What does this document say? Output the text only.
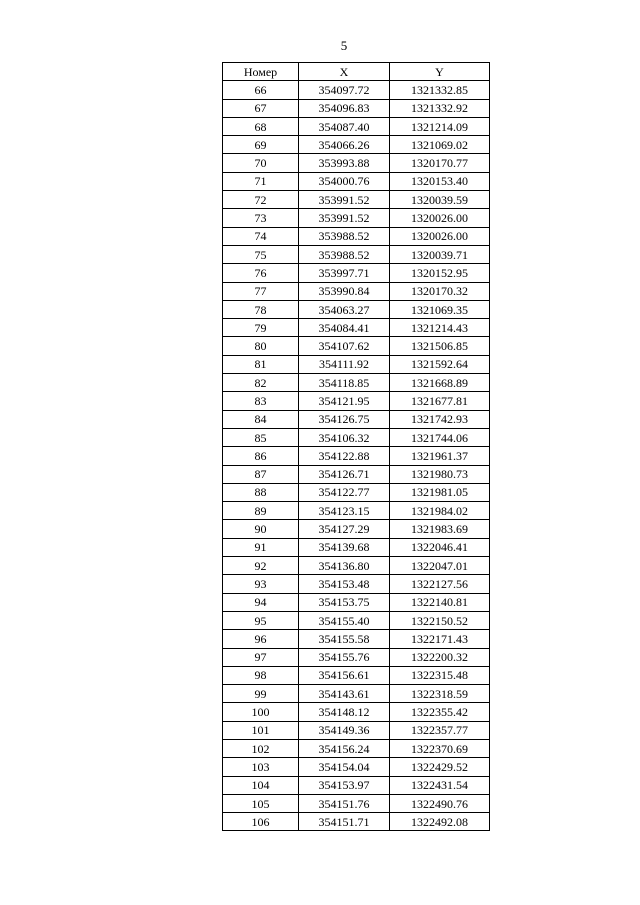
5
Номер	X	Y
66	354097.72	1321332.85
67	354096.83	1321332.92
68	354087.40	1321214.09
69	354066.26	1321069.02
70	353993.88	1320170.77
71	354000.76	1320153.40
72	353991.52	1320039.59
73	353991.52	1320026.00
74	353988.52	1320026.00
75	353988.52	1320039.71
76	353997.71	1320152.95
77	353990.84	1320170.32
78	354063.27	1321069.35
79	354084.41	1321214.43
80	354107.62	1321506.85
81	354111.92	1321592.64
82	354118.85	1321668.89
83	354121.95	1321677.81
84	354126.75	1321742.93
85	354106.32	1321744.06
86	354122.88	1321961.37
87	354126.71	1321980.73
88	354122.77	1321981.05
89	354123.15	1321984.02
90	354127.29	1321983.69
91	354139.68	1322046.41
92	354136.80	1322047.01
93	354153.48	1322127.56
94	354153.75	1322140.81
95	354155.40	1322150.52
96	354155.58	1322171.43
97	354155.76	1322200.32
98	354156.61	1322315.48
99	354143.61	1322318.59
100	354148.12	1322355.42
101	354149.36	1322357.77
102	354156.24	1322370.69
103	354154.04	1322429.52
104	354153.97	1322431.54
105	354151.76	1322490.76
106	354151.71	1322492.08
